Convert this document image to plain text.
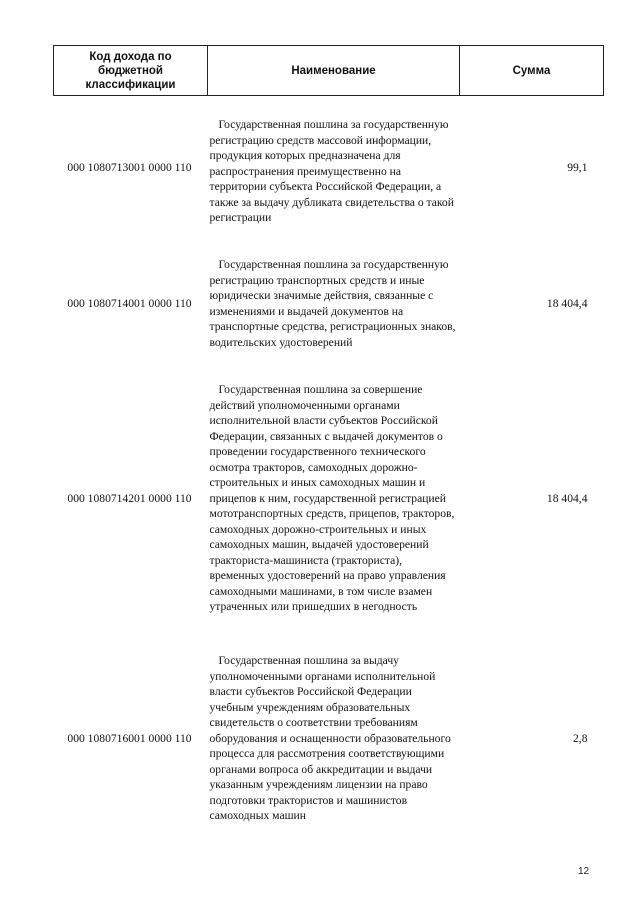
Код дохода по бюджетной классификации	Наименование	Сумма
000 1080713001 0000 110	Государственная пошлина за государственную регистрацию средств массовой информации, продукция которых предназначена для распространения преимущественно на территории субъекта Российской Федерации, а также за выдачу дубликата свидетельства о такой регистрации	99,1
000 1080714001 0000 110	Государственная пошлина за государственную регистрацию транспортных средств и иные юридически значимые действия, связанные с изменениями и выдачей документов на транспортные средства, регистрационных знаков, водительских удостоверений	18 404,4
000 1080714201 0000 110	Государственная пошлина за совершение действий уполномоченными органами исполнительной власти субъектов Российской Федерации, связанных с выдачей документов о проведении государственного технического осмотра тракторов, самоходных дорожно-строительных и иных самоходных машин и прицепов к ним, государственной регистрацией мототранспортных средств, прицепов, тракторов, самоходных дорожно-строительных и иных самоходных машин, выдачей удостоверений тракториста-машиниста (тракториста), временных удостоверений на право управления самоходными машинами, в том числе взамен утраченных или пришедших в негодность	18 404,4
000 1080716001 0000 110	Государственная пошлина за выдачу уполномоченными органами исполнительной власти субъектов Российской Федерации учебным учреждениям образовательных свидетельств о соответствии требованиям оборудования и оснащенности образовательного процесса для рассмотрения соответствующими органами вопроса об аккредитации и выдачи указанным учреждениям лицензии на право подготовки трактористов и машинистов самоходных машин	2,8
12
